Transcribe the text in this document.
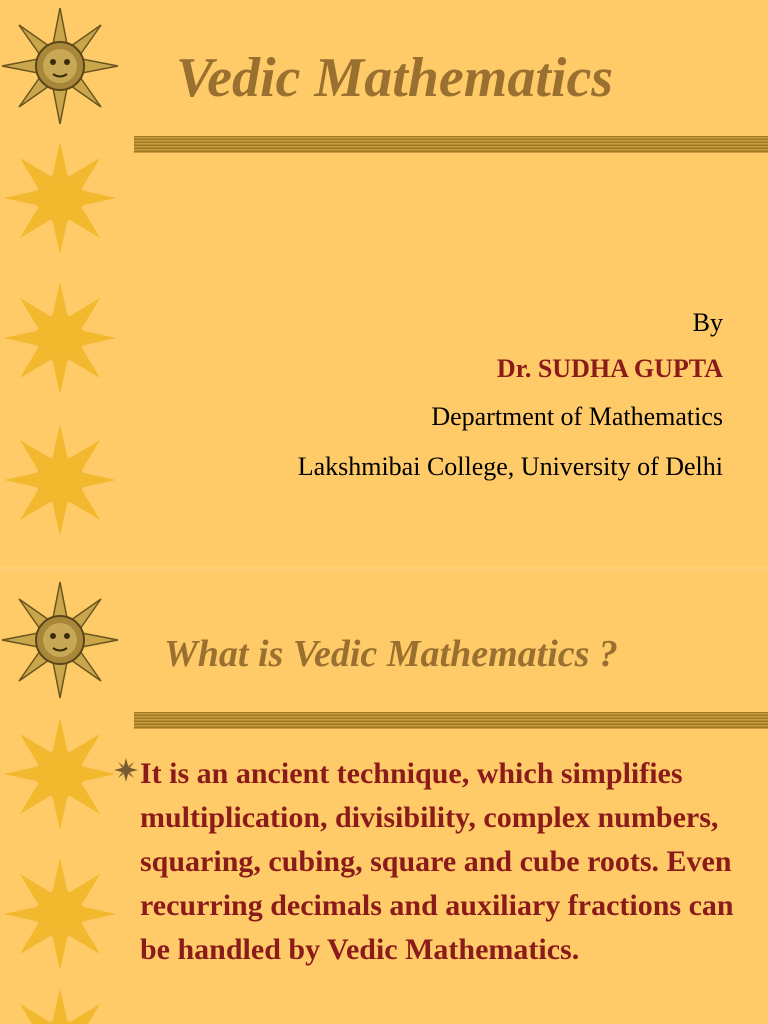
Vedic Mathematics
By
Dr. SUDHA GUPTA
Department of Mathematics
Lakshmibai College, University of Delhi
What is Vedic Mathematics ?

It is an ancient technique, which simplifies multiplication, divisibility, complex numbers, squaring, cubing, square and cube roots. Even recurring decimals and auxiliary fractions can be handled by Vedic Mathematics.
